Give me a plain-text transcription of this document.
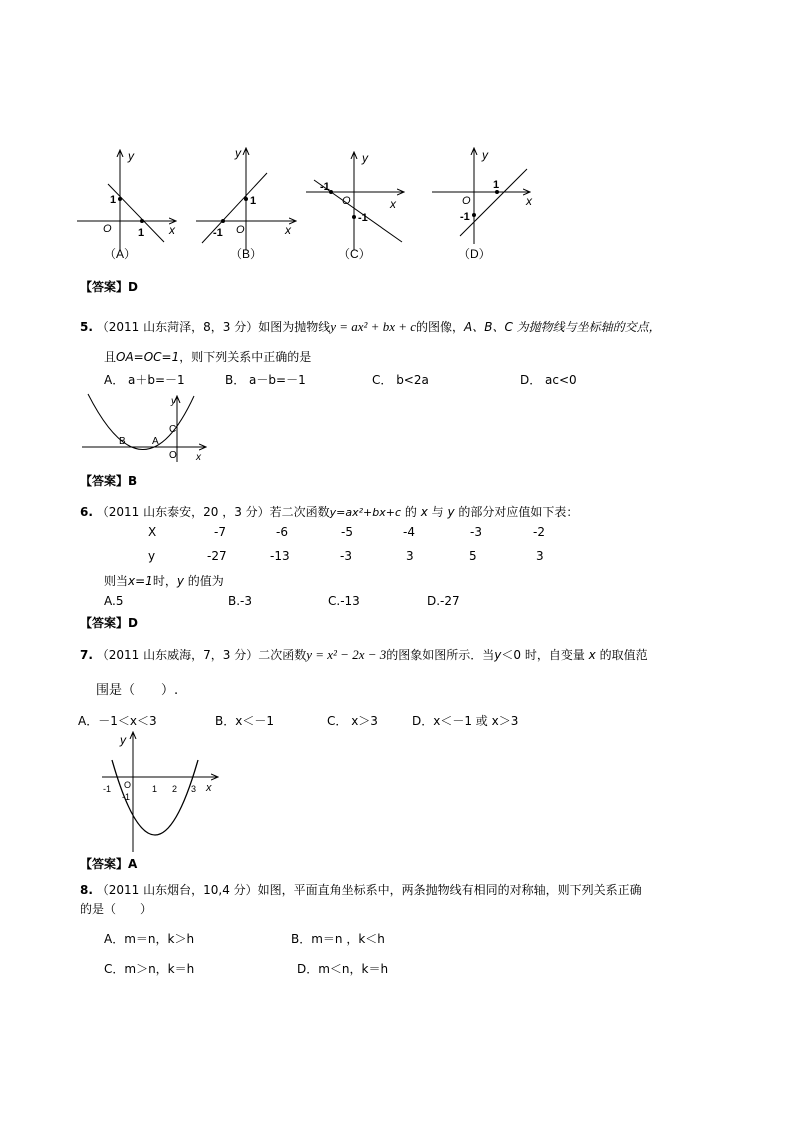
y
x
O
1
1
（A）
y
x
O
-1
1
（B）
y
x
O
-1
-1
（C）
y
x
O
1
-1
（D）
【答案】D
5. （2011 山东菏泽，8，3 分）如图为抛物线y = ax² + bx + c的图像，A、B、C 为抛物线与坐标轴的交点，
且OA=OC=1，则下列关系中正确的是
A． a＋b=－1	B． a－b=－1	C． b<2a	D． ac<0
y
x
O
A
B
C
【答案】B
6. （2011 山东泰安，20 ，3 分）若二次函数y=ax²+bx+c 的 x 与 y 的部分对应值如下表：
X	-7	-6	-5	-4	-3	-2
y	-27	-13	-3	3	5	3
则当x=1时，y 的值为
A.5	B.-3	C.-13	D.-27
【答案】D
7. （2011 山东威海，7，3 分）二次函数y = x² − 2x − 3的图象如图所示．当y＜0 时，自变量 x 的取值范
围是（　　）.
A．－1＜x＜3	B．x＜－1	C． x＞3	D．x＜－1 或 x＞3
y
x
-1 O 1 2 3
-1
【答案】A
8. （2011 山东烟台，10,4 分）如图，平面直角坐标系中，两条抛物线有相同的对称轴，则下列关系正确
的是（　　）
A．m＝n，k＞h	B．m＝n ，k＜h
C．m＞n，k＝h	D．m＜n，k＝h
